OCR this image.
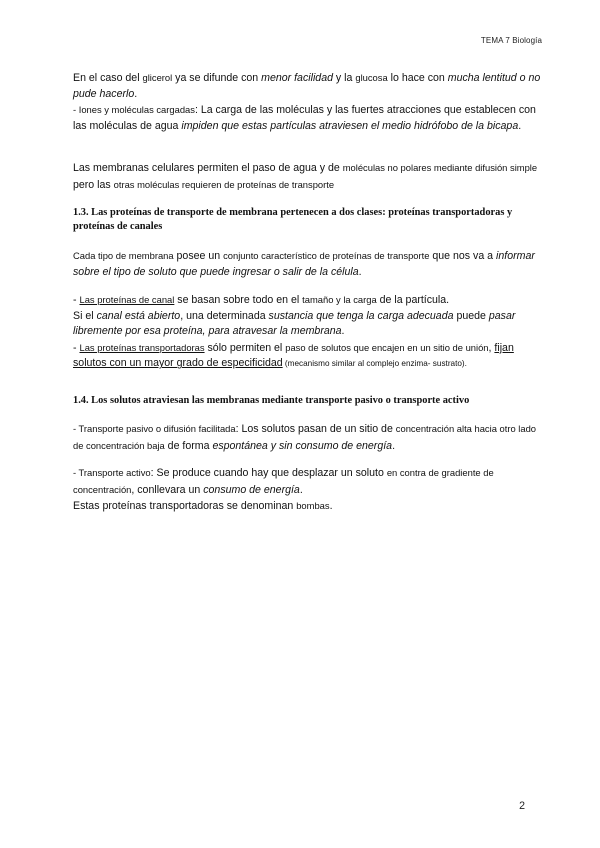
TEMA 7 Biología

En el caso del glicerol ya se difunde con menor facilidad y la glucosa lo hace con mucha lentitud o no pude hacerlo.

- Iones y moléculas cargadas: La carga de las moléculas y las fuertes atracciones que establecen con las moléculas de agua impiden que estas partículas atraviesen el medio hidrófobo de la bicapa.

Las membranas celulares permiten el paso de agua y de moléculas no polares mediante difusión simple pero las otras moléculas requieren de proteínas de transporte

1.3. Las proteínas de transporte de membrana pertenecen a dos clases: proteínas transportadoras y proteínas de canales

Cada tipo de membrana posee un conjunto característico de proteínas de transporte que nos va a informar sobre el tipo de soluto que puede ingresar o salir de la célula.

- Las proteínas de canal se basan sobre todo en el tamaño y la carga de la partícula.

Si el canal está abierto, una determinada sustancia que tenga la carga adecuada puede pasar libremente por esa proteína, para atravesar la membrana.

- Las proteínas transportadoras sólo permiten el paso de solutos que encajen en un sitio de unión, fijan solutos con un mayor grado de especificidad (mecanismo similar al complejo enzima- sustrato).

1.4. Los solutos atraviesan las membranas mediante transporte pasivo o transporte activo

- Transporte pasivo o difusión facilitada: Los solutos pasan de un sitio de concentración alta hacia otro lado de concentración baja de forma espontánea y sin consumo de energía.

- Transporte activo: Se produce cuando hay que desplazar un soluto en contra de gradiente de concentración, conllevara un consumo de energía.

Estas proteínas transportadoras se denominan bombas.

2
